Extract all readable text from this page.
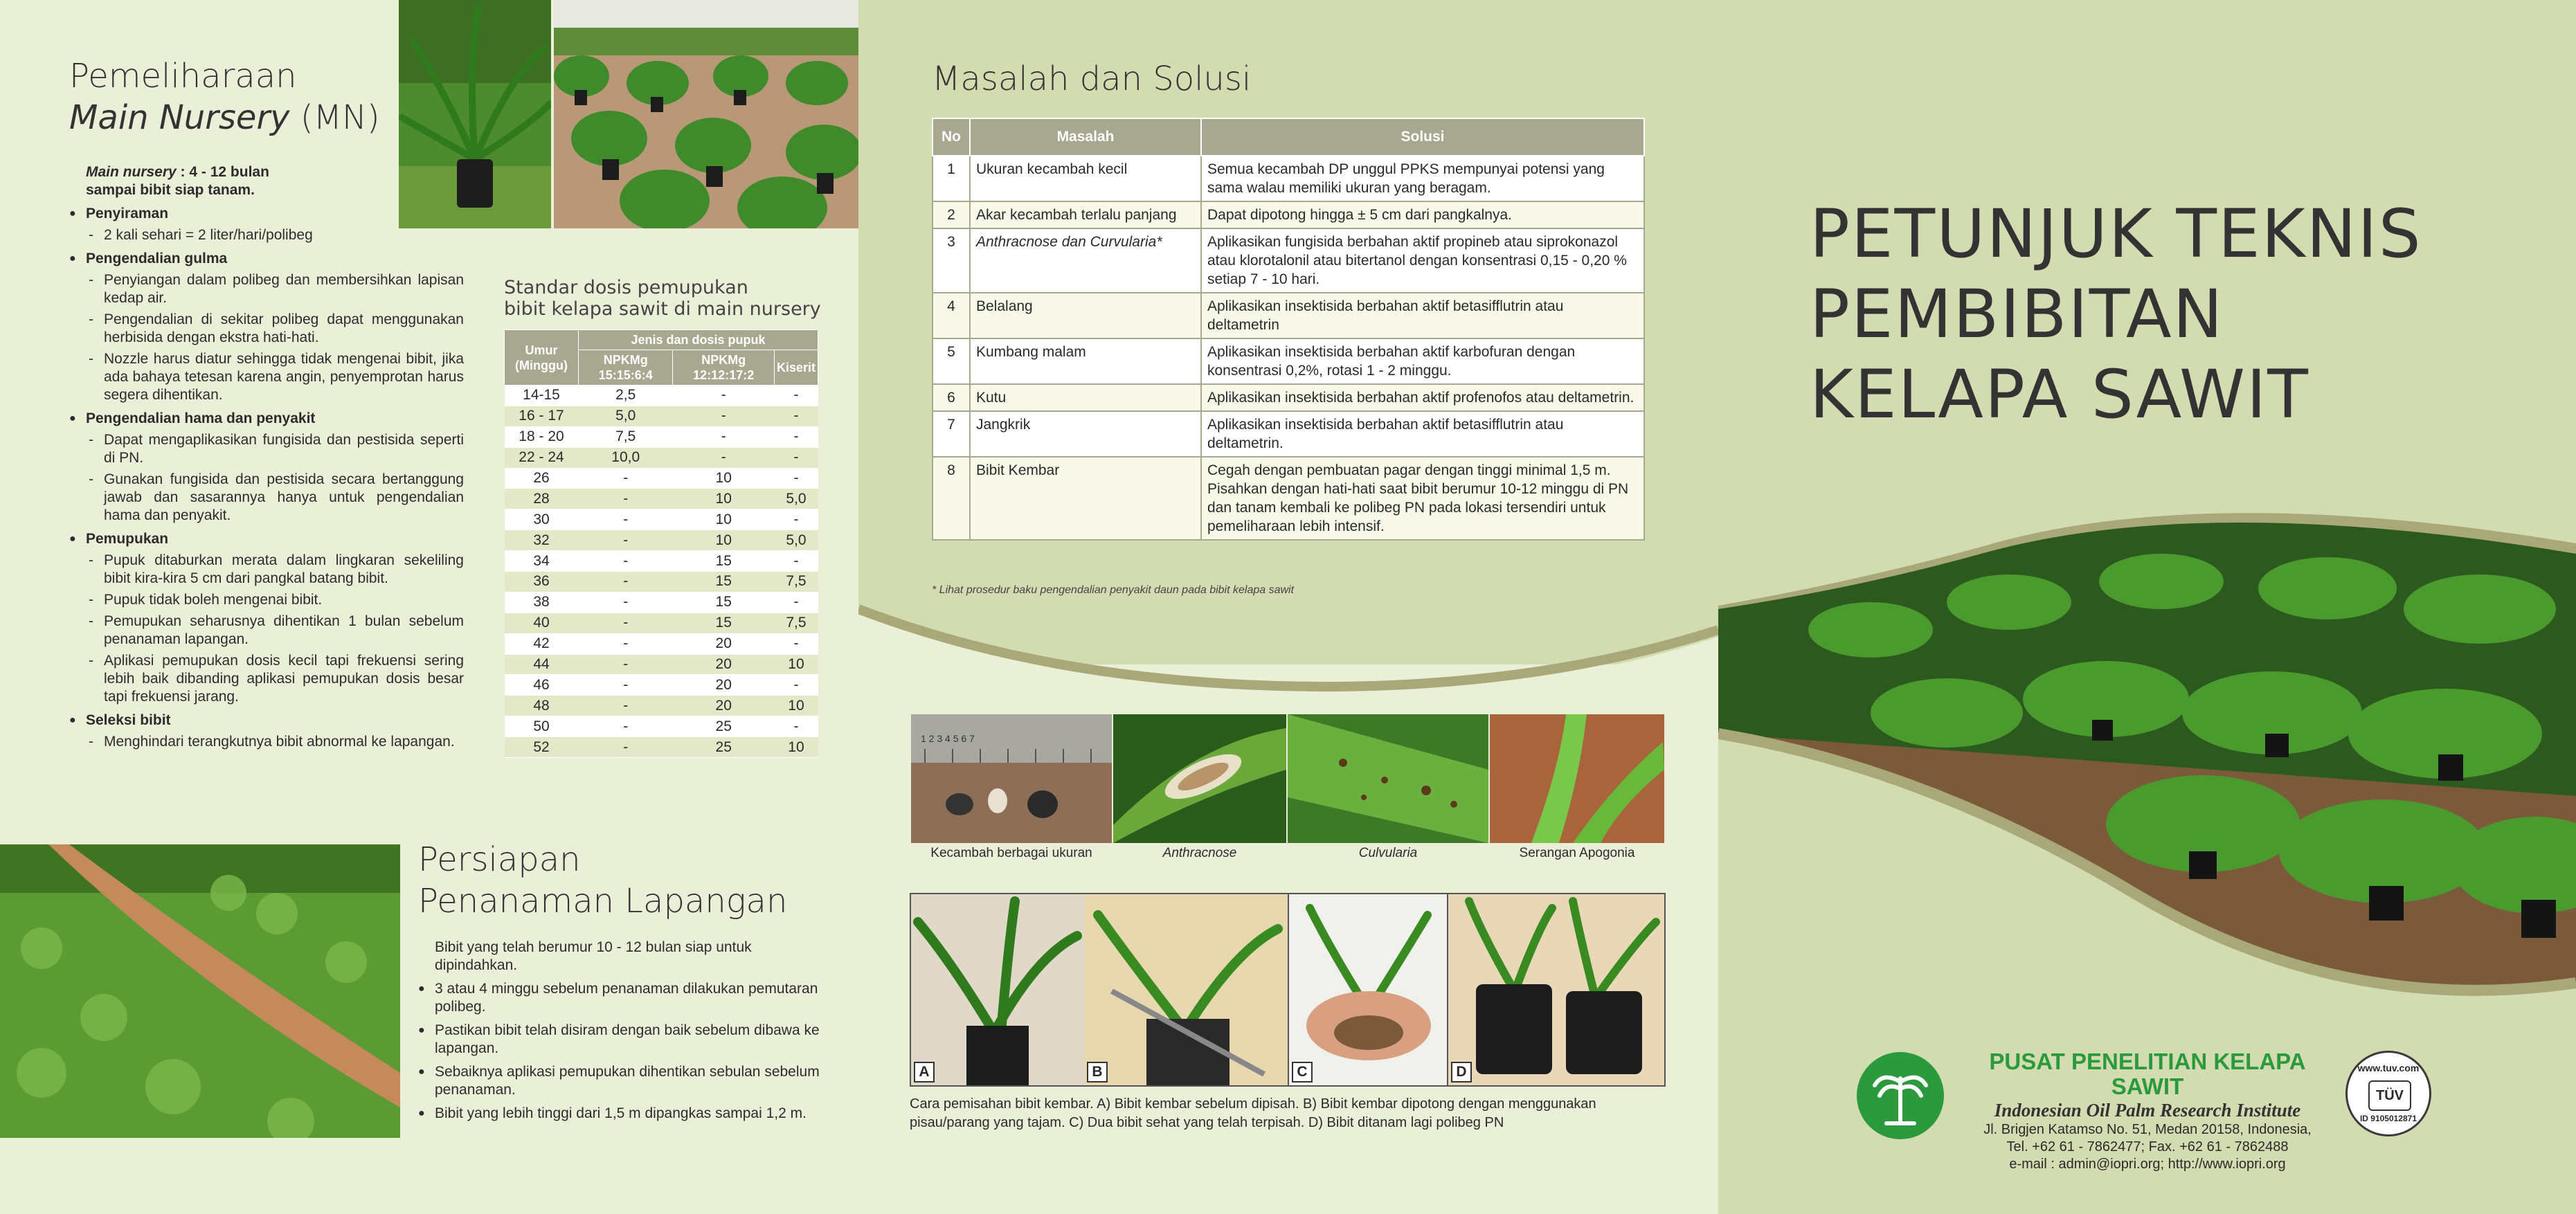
Pemeliharaan
Main Nursery (MN)
Main nursery : 4 - 12 bulan
sampai bibit siap tanam.
● Penyiraman
- 2 kali sehari = 2 liter/hari/polibeg
● Pengendalian gulma
- Penyiangan dalam polibeg dan membersihkan lapisan kedap air.
- Pengendalian di sekitar polibeg dapat menggunakan herbisida dengan ekstra hati-hati.
- Nozzle harus diatur sehingga tidak mengenai bibit, jika ada bahaya tetesan karena angin, penyemprotan harus segera dihentikan.
● Pengendalian hama dan penyakit
- Dapat mengaplikasikan fungisida dan pestisida seperti di PN.
- Gunakan fungisida dan pestisida secara bertanggung jawab dan sasarannya hanya untuk pengendalian hama dan penyakit.
● Pemupukan
- Pupuk ditaburkan merata dalam lingkaran sekeliling bibit kira-kira 5 cm dari pangkal batang bibit.
- Pupuk tidak boleh mengenai bibit.
- Pemupukan seharusnya dihentikan 1 bulan sebelum penanaman lapangan.
- Aplikasi pemupukan dosis kecil tapi frekuensi sering lebih baik dibanding aplikasi pemupukan dosis besar tapi frekuensi jarang.
● Seleksi bibit
- Menghindari terangkutnya bibit abnormal ke lapangan.
Standar dosis pemupukan
bibit kelapa sawit di main nursery
Umur (Minggu)	Jenis dan dosis pupuk		
	NPKMg 15:15:6:4	NPKMg 12:12:17:2	Kiserit
14-15	2,5	-	-
16 - 17	5,0	-	-
18 - 20	7,5	-	-
22 - 24	10,0	-	-
26	-	10	-
28	-	10	5,0
30	-	10	-
32	-	10	5,0
34	-	15	-
36	-	15	7,5
38	-	15	-
40	-	15	7,5
42	-	20	-
44	-	20	10
46	-	20	-
48	-	20	10
50	-	25	-
52	-	25	10
Persiapan
Penanaman Lapangan
Bibit yang telah berumur 10 - 12 bulan siap untuk dipindahkan.
● 3 atau 4 minggu sebelum penanaman dilakukan pemutaran polibeg.
● Pastikan bibit telah disiram dengan baik sebelum dibawa ke lapangan.
● Sebaiknya aplikasi pemupukan dihentikan sebulan sebelum penanaman.
● Bibit yang lebih tinggi dari 1,5 m dipangkas sampai 1,2 m.
Masalah dan Solusi
No	Masalah	Solusi
1	Ukuran kecambah kecil	Semua kecambah DP unggul PPKS mempunyai potensi yang sama walau memiliki ukuran yang beragam.
2	Akar kecambah terlalu panjang	Dapat dipotong hingga ± 5 cm dari pangkalnya.
3	Anthracnose dan Curvularia*	Aplikasikan fungisida berbahan aktif propineb atau siprokonazol atau klorotalonil atau bitertanol dengan konsentrasi 0,15 - 0,20 % setiap 7 - 10 hari.
4	Belalang	Aplikasikan insektisida berbahan aktif betasifflutrin atau deltametrin
5	Kumbang malam	Aplikasikan insektisida berbahan aktif karbofuran dengan konsentrasi 0,2%, rotasi 1 - 2 minggu.
6	Kutu	Aplikasikan insektisida berbahan aktif profenofos atau deltametrin.
7	Jangkrik	Aplikasikan insektisida berbahan aktif betasifflutrin atau deltametrin.
8	Bibit Kembar	Cegah dengan pembuatan pagar dengan tinggi minimal 1,5 m. Pisahkan dengan hati-hati saat bibit berumur 10-12 minggu di PN dan tanam kembali ke polibeg PN pada lokasi tersendiri untuk pemeliharaan lebih intensif.
* Lihat prosedur baku pengendalian penyakit daun pada bibit kelapa sawit
1 2 3 4 5 6 7
Kecambah berbagai ukuran	Anthracnose	Culvularia	Serangan Apogonia
A	B	C	D
Cara pemisahan bibit kembar. A) Bibit kembar sebelum dipisah. B) Bibit kembar dipotong dengan menggunakan pisau/parang yang tajam. C) Dua bibit sehat yang telah terpisah. D) Bibit ditanam lagi polibeg PN
PETUNJUK TEKNIS
PEMBIBITAN
KELAPA SAWIT
PUSAT PENELITIAN KELAPA SAWIT
Indonesian Oil Palm Research Institute
Jl. Brigjen Katamso No. 51, Medan 20158, Indonesia,
Tel. +62 61 - 7862477; Fax. +62 61 - 7862488
e-mail : admin@iopri.org; http://www.iopri.org
www.tuv.com
TÜV
ID 9105012871
